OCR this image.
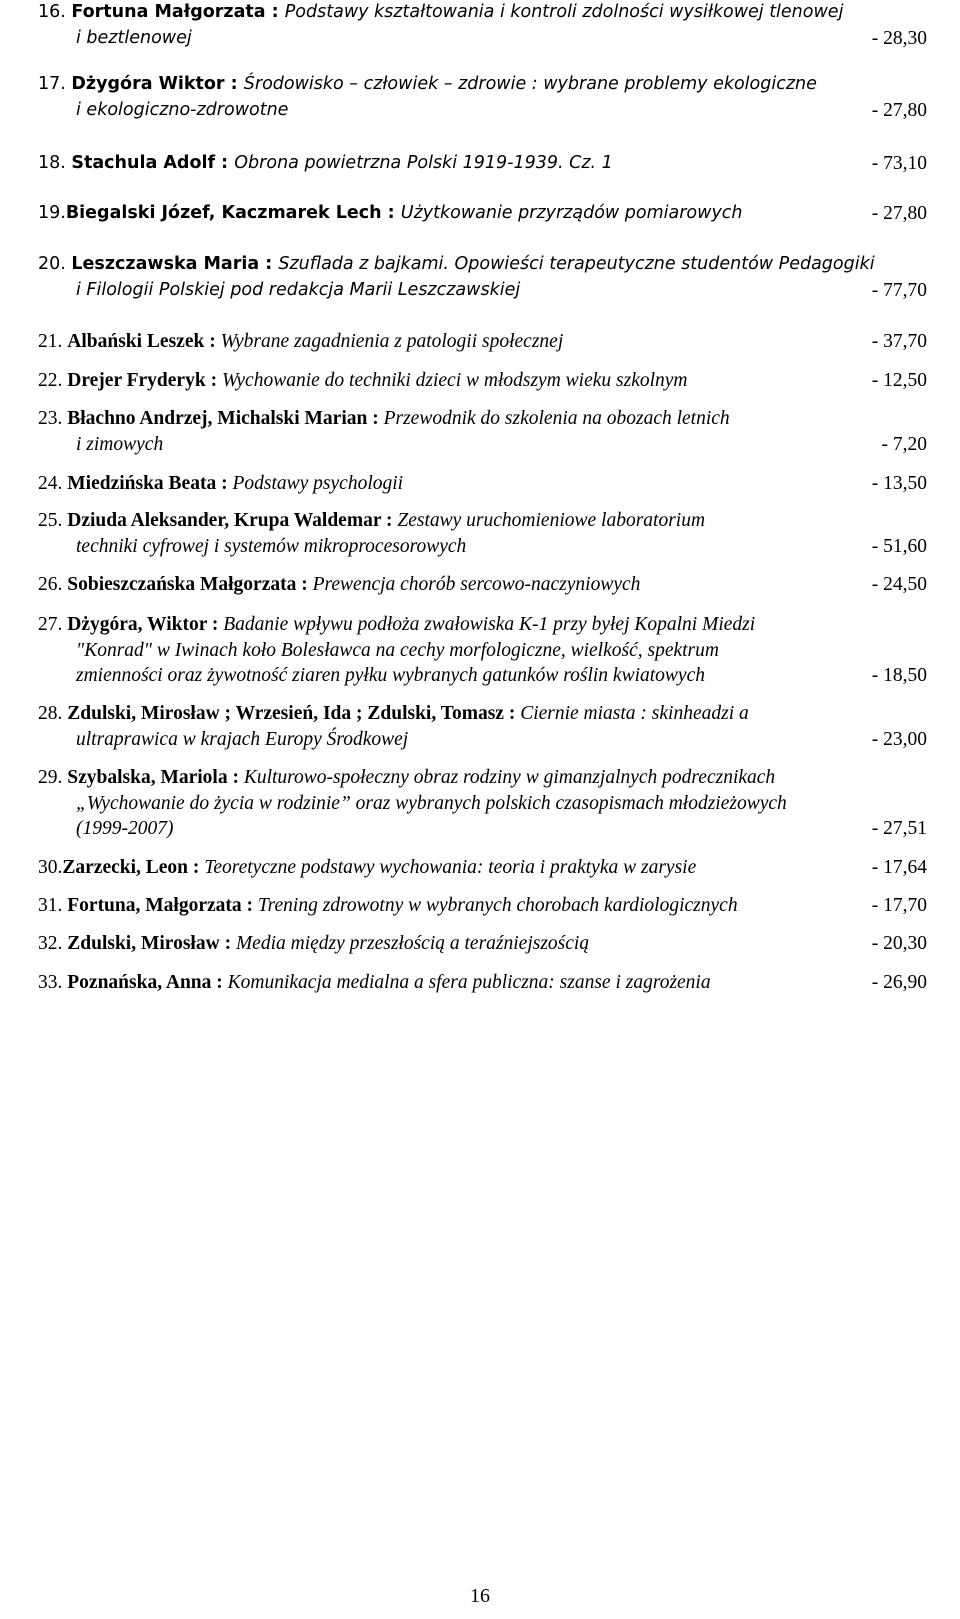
16. Fortuna Małgorzata : Podstawy kształtowania i kontroli zdolności wysiłkowej tlenowej
i beztlenowej	- 28,30
17. Dżygóra Wiktor : Środowisko – człowiek – zdrowie : wybrane problemy ekologiczne
i ekologiczno-zdrowotne	- 27,80
18. Stachula Adolf : Obrona powietrzna Polski 1919-1939. Cz. 1	- 73,10
19.Biegalski Józef, Kaczmarek Lech : Użytkowanie przyrządów pomiarowych	- 27,80
20. Leszczawska Maria : Szuflada z bajkami. Opowieści terapeutyczne studentów Pedagogiki
i Filologii Polskiej pod redakcja Marii Leszczawskiej	- 77,70
21. Albański Leszek : Wybrane zagadnienia z patologii społecznej	- 37,70
22. Drejer Fryderyk : Wychowanie do techniki dzieci w młodszym wieku szkolnym	- 12,50
23. Błachno Andrzej, Michalski Marian : Przewodnik do szkolenia na obozach letnich
i zimowych	- 7,20
24. Miedzińska Beata : Podstawy psychologii	- 13,50
25. Dziuda Aleksander, Krupa Waldemar : Zestawy uruchomieniowe laboratorium
techniki cyfrowej i systemów mikroprocesorowych	- 51,60
26. Sobieszczańska Małgorzata : Prewencja chorób sercowo-naczyniowych	- 24,50
27. Dżygóra, Wiktor : Badanie wpływu podłoża zwałowiska K-1 przy byłej Kopalni Miedzi
"Konrad" w Iwinach koło Bolesławca na cechy morfologiczne, wielkość, spektrum
zmienności oraz żywotność ziaren pyłku wybranych gatunków roślin kwiatowych	- 18,50
28. Zdulski, Mirosław ; Wrzesień, Ida ; Zdulski, Tomasz : Ciernie miasta : skinheadzi a
ultraprawica w krajach Europy Środkowej	- 23,00
29. Szybalska, Mariola : Kulturowo-społeczny obraz rodziny w gimanzjalnych podrecznikach
„Wychowanie do życia w rodzinie” oraz wybranych polskich czasopismach młodzieżowych
(1999-2007)	- 27,51
30.Zarzecki, Leon : Teoretyczne podstawy wychowania: teoria i praktyka w zarysie	- 17,64
31. Fortuna, Małgorzata : Trening zdrowotny w wybranych chorobach kardiologicznych	- 17,70
32. Zdulski, Mirosław : Media między przeszłością a teraźniejszością	- 20,30
33. Poznańska, Anna : Komunikacja medialna a sfera publiczna: szanse i zagrożenia	- 26,90
16
